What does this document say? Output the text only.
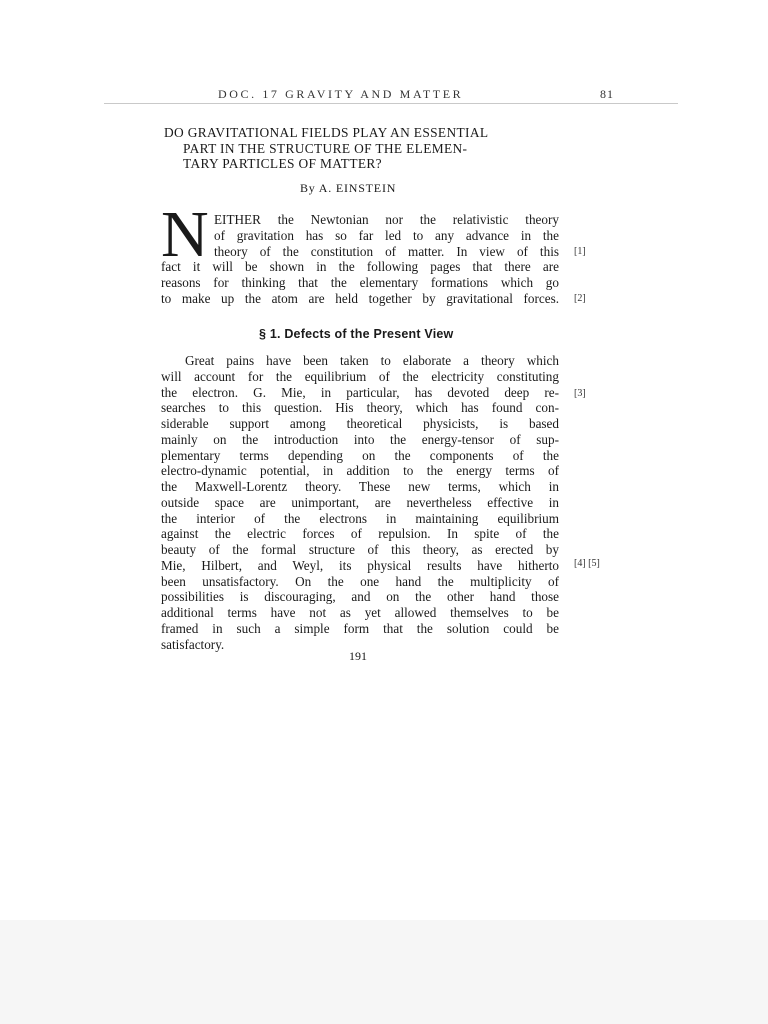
DOC. 17 GRAVITY AND MATTER	81
DO GRAVITATIONAL FIELDS PLAY AN ESSENTIAL
PART IN THE STRUCTURE OF THE ELEMEN-
TARY PARTICLES OF MATTER?
By A. EINSTEIN
N EITHER the Newtonian nor the relativistic theory
of gravitation has so far led to any advance in the
theory of the constitution of matter. In view of this
fact it will be shown in the following pages that there are
reasons for thinking that the elementary formations which go
to make up the atom are held together by gravitational forces.
§ 1. Defects of the Present View
Great pains have been taken to elaborate a theory which
will account for the equilibrium of the electricity constituting
the electron. G. Mie, in particular, has devoted deep re-
searches to this question. His theory, which has found con-
siderable support among theoretical physicists, is based
mainly on the introduction into the energy-tensor of sup-
plementary terms depending on the components of the
electro-dynamic potential, in addition to the energy terms of
the Maxwell-Lorentz theory. These new terms, which in
outside space are unimportant, are nevertheless effective in
the interior of the electrons in maintaining equilibrium
against the electric forces of repulsion. In spite of the
beauty of the formal structure of this theory, as erected by
Mie, Hilbert, and Weyl, its physical results have hitherto
been unsatisfactory. On the one hand the multiplicity of
possibilities is discouraging, and on the other hand those
additional terms have not as yet allowed themselves to be
framed in such a simple form that the solution could be
satisfactory.
[1]
[2]
[3]
[4] [5]
191
